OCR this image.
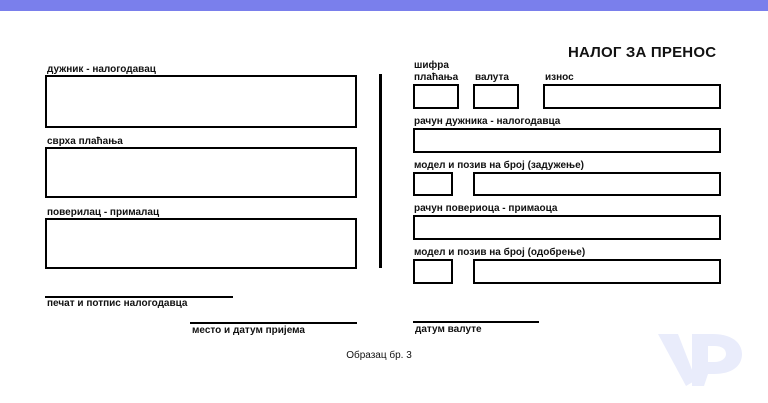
НАЛОГ ЗА ПРЕНОС
дужник - налогодавац
сврха плаћања
поверилац - прималац
печат и потпис налогодавца
место и датум пријема
шифра
плаћања валута	износ
рачун дужника - налогодавца
модел и позив на број (задужење)
рачун повериоца - примаоца
модел и позив на број (одобрење)
датум валуте
Образац бр. 3
